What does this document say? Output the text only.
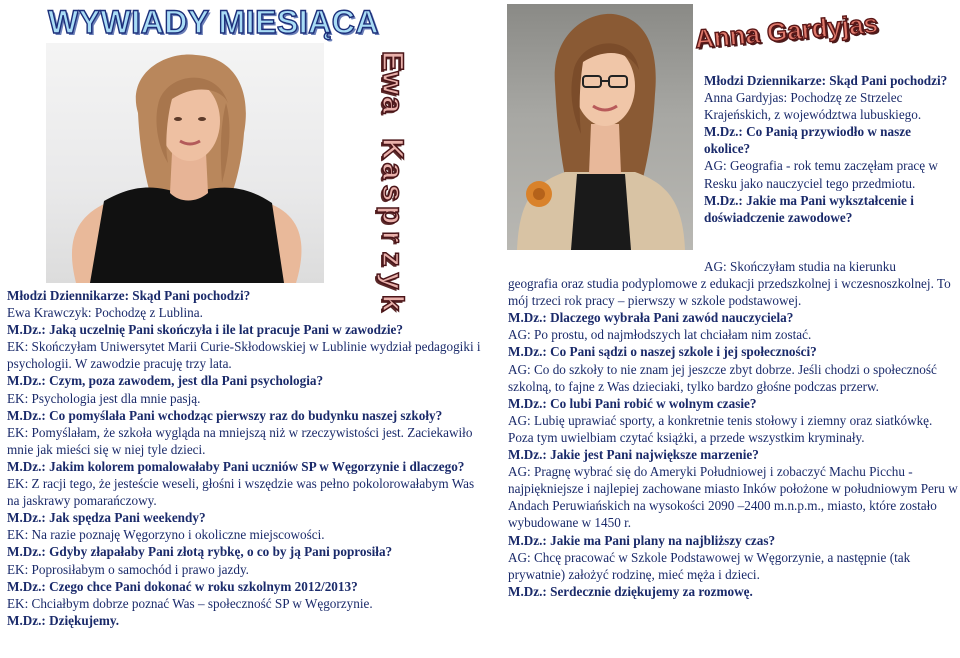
WYWIADY MIESIĄCA
E
w
a
K
a
s
p
r
z
y
k
Anna Gardyjas

Młodzi Dziennikarze: Skąd Pani pochodzi?

Ewa Krawczyk: Pochodzę z Lublina.

M.Dz.: Jaką uczelnię Pani skończyła i ile lat pracuje Pani w zawodzie?

EK: Skończyłam Uniwersytet Marii Curie-Skłodowskiej w Lublinie wydział pedagogiki i psychologii. W zawodzie pracuję trzy lata.

M.Dz.: Czym, poza zawodem, jest dla Pani psychologia?

EK: Psychologia jest dla mnie pasją.

M.Dz.: Co pomyślała Pani wchodząc pierwszy raz do budynku naszej szkoły?

EK: Pomyślałam, że szkoła wygląda na mniejszą niż w rzeczywistości jest. Zaciekawiło mnie jak mieści się w niej tyle dzieci.

M.Dz.: Jakim kolorem pomalowałaby Pani uczniów SP w Węgorzynie i dlaczego?

EK: Z racji tego, że jesteście weseli, głośni i wszędzie was pełno pokolorowałabym Was na jaskrawy pomarańczowy.

M.Dz.: Jak spędza Pani weekendy?

EK: Na razie poznaję Węgorzyno i okoliczne miejscowości.

M.Dz.: Gdyby złapałaby Pani złotą rybkę, o co by ją Pani poprosiła?

EK: Poprosiłabym o samochód i prawo jazdy.

M.Dz.: Czego chce Pani dokonać w roku szkolnym 2012/2013?

EK: Chciałbym dobrze poznać Was – społeczność SP w Węgorzynie.

M.Dz.: Dziękujemy.

Młodzi Dziennikarze: Skąd Pani pochodzi?

Anna Gardyjas: Pochodzę ze Strzelec Krajeńskich, z województwa lubuskiego.

M.Dz.: Co Panią przywiodło w nasze okolice?

AG: Geografia - rok temu zaczęłam pracę w Resku jako nauczyciel tego przedmiotu.

M.Dz.: Jakie ma Pani wykształcenie i doświadczenie zawodowe?

AG: Skończyłam studia na kierunku

geografia oraz studia podyplomowe z edukacji przedszkolnej i wczesnoszkolnej. To mój trzeci rok pracy – pierwszy w szkole podstawowej.

M.Dz.: Dlaczego wybrała Pani zawód nauczyciela?

AG: Po prostu, od najmłodszych lat chciałam nim zostać.

M.Dz.: Co Pani sądzi o naszej szkole i jej społeczności?

AG: Co do szkoły to nie znam jej jeszcze zbyt dobrze. Jeśli chodzi o społeczność szkolną, to fajne z Was dzieciaki, tylko bardzo głośne podczas przerw.

M.Dz.: Co lubi Pani robić w wolnym czasie?

AG: Lubię uprawiać sporty, a konkretnie tenis stołowy i ziemny oraz siatkówkę. Poza tym uwielbiam czytać książki, a przede wszystkim kryminały.

M.Dz.: Jakie jest Pani największe marzenie?

AG: Pragnę wybrać się do Ameryki Południowej i zobaczyć Machu Picchu - najpiękniejsze i najlepiej zachowane miasto Inków położone w południowym Peru w Andach Peruwiańskich na wysokości 2090 –2400 m.n.p.m., miasto, które zostało wybudowane w 1450 r.

M.Dz.: Jakie ma Pani plany na najbliższy czas?

AG: Chcę pracować w Szkole Podstawowej w Węgorzynie, a następnie (tak prywatnie) założyć rodzinę, mieć męża i dzieci.

M.Dz.: Serdecznie dziękujemy za rozmowę.
